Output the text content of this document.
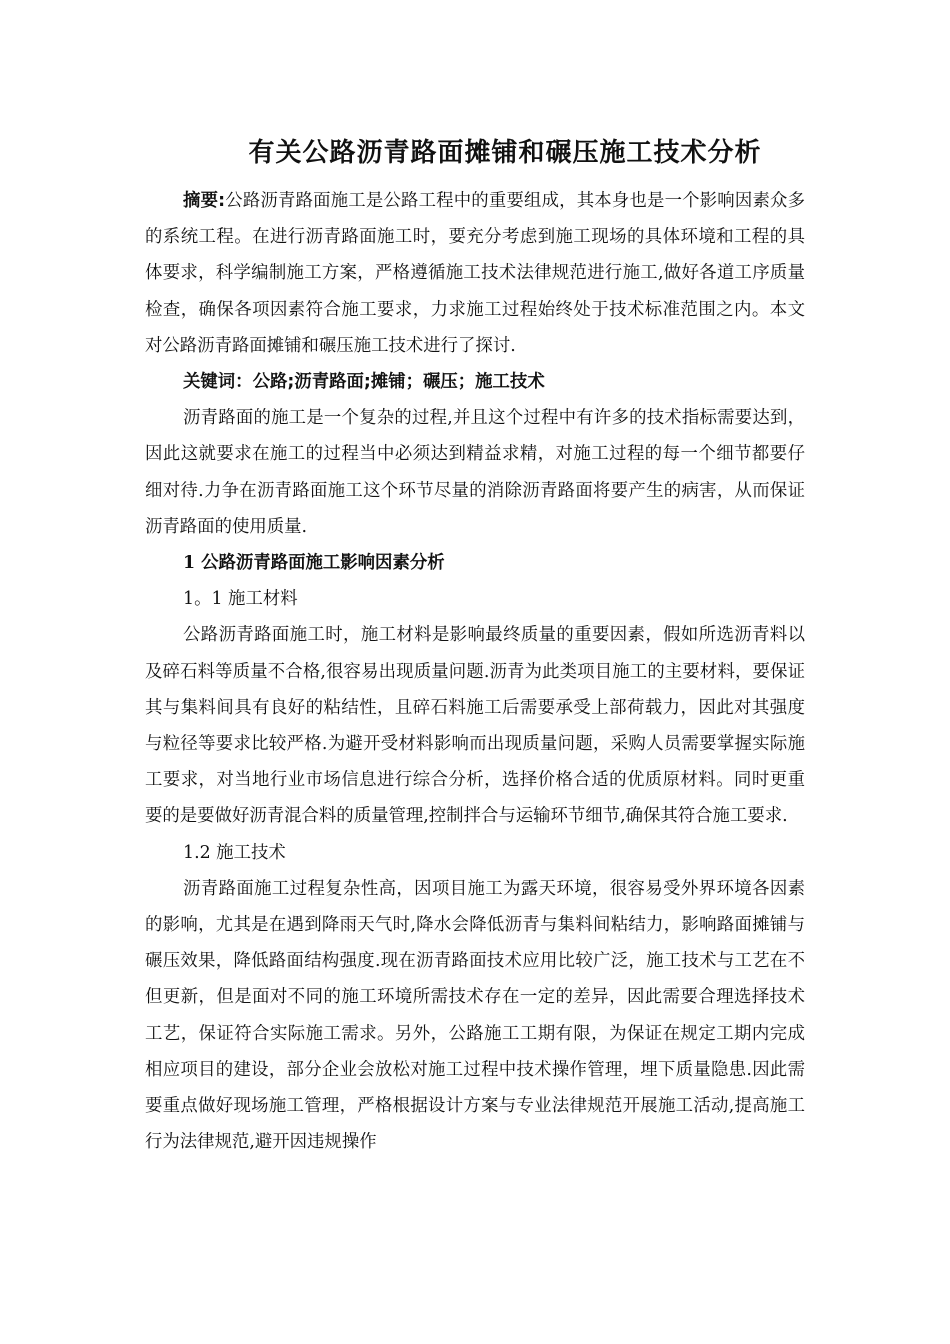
有关公路沥青路面摊铺和碾压施工技术分析

摘要:公路沥青路面施工是公路工程中的重要组成，其本身也是一个影响因素众多的系统工程。在进行沥青路面施工时，要充分考虑到施工现场的具体环境和工程的具体要求，科学编制施工方案，严格遵循施工技术法律规范进行施工,做好各道工序质量检查，确保各项因素符合施工要求，力求施工过程始终处于技术标准范围之内。本文对公路沥青路面摊铺和碾压施工技术进行了探讨.

关键词：公路;沥青路面;摊铺；碾压；施工技术

沥青路面的施工是一个复杂的过程,并且这个过程中有许多的技术指标需要达到，因此这就要求在施工的过程当中必须达到精益求精，对施工过程的每一个细节都要仔细对待.力争在沥青路面施工这个环节尽量的消除沥青路面将要产生的病害，从而保证沥青路面的使用质量.

1 公路沥青路面施工影响因素分析

1。1 施工材料

公路沥青路面施工时，施工材料是影响最终质量的重要因素，假如所选沥青料以及碎石料等质量不合格,很容易出现质量问题.沥青为此类项目施工的主要材料，要保证其与集料间具有良好的粘结性，且碎石料施工后需要承受上部荷载力，因此对其强度与粒径等要求比较严格.为避开受材料影响而出现质量问题，采购人员需要掌握实际施工要求，对当地行业市场信息进行综合分析，选择价格合适的优质原材料。同时更重要的是要做好沥青混合料的质量管理,控制拌合与运输环节细节,确保其符合施工要求.

1.2 施工技术

沥青路面施工过程复杂性高，因项目施工为露天环境，很容易受外界环境各因素的影响，尤其是在遇到降雨天气时,降水会降低沥青与集料间粘结力，影响路面摊铺与碾压效果，降低路面结构强度.现在沥青路面技术应用比较广泛，施工技术与工艺在不但更新，但是面对不同的施工环境所需技术存在一定的差异，因此需要合理选择技术工艺，保证符合实际施工需求。另外，公路施工工期有限，为保证在规定工期内完成相应项目的建设，部分企业会放松对施工过程中技术操作管理，埋下质量隐患.因此需要重点做好现场施工管理，严格根据设计方案与专业法律规范开展施工活动,提高施工行为法律规范,避开因违规操作
